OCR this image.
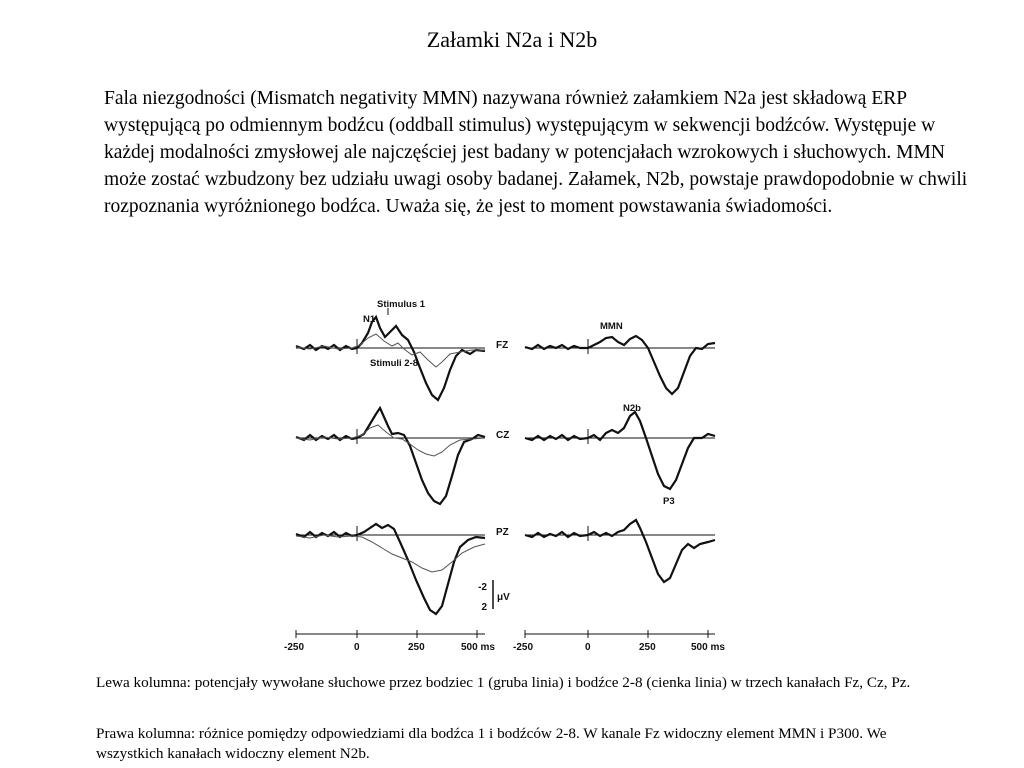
Załamki N2a i N2b

Fala niezgodności (Mismatch negativity MMN) nazywana również załamkiem N2a jest składową ERP występującą po odmiennym bodźcu (oddball stimulus) występującym w sekwencji bodźców. Występuje w każdej modalności zmysłowej ale najczęściej jest badany w potencjałach wzrokowych i słuchowych. MMN może zostać wzbudzony bez udziału uwagi osoby badanej. Załamek, N2b, powstaje prawdopodobnie w chwili rozpoznania wyróżnionego bodźca. Uważa się, że jest to moment powstawania świadomości.

Stimulus 1
N1
Stimuli 2-8
FZ
CZ
PZ
-250	0	250	500 ms
MMN
N2b
P3
-2
2
μV
-250	0	250	500 ms

Lewa kolumna: potencjały wywołane słuchowe przez bodziec 1 (gruba linia) i bodźce 2-8 (cienka linia) w trzech kanałach Fz, Cz, Pz.

Prawa kolumna: różnice pomiędzy odpowiedziami dla bodźca 1 i bodźców 2-8. W kanale Fz widoczny element MMN i P300. We wszystkich kanałach widoczny element N2b.
